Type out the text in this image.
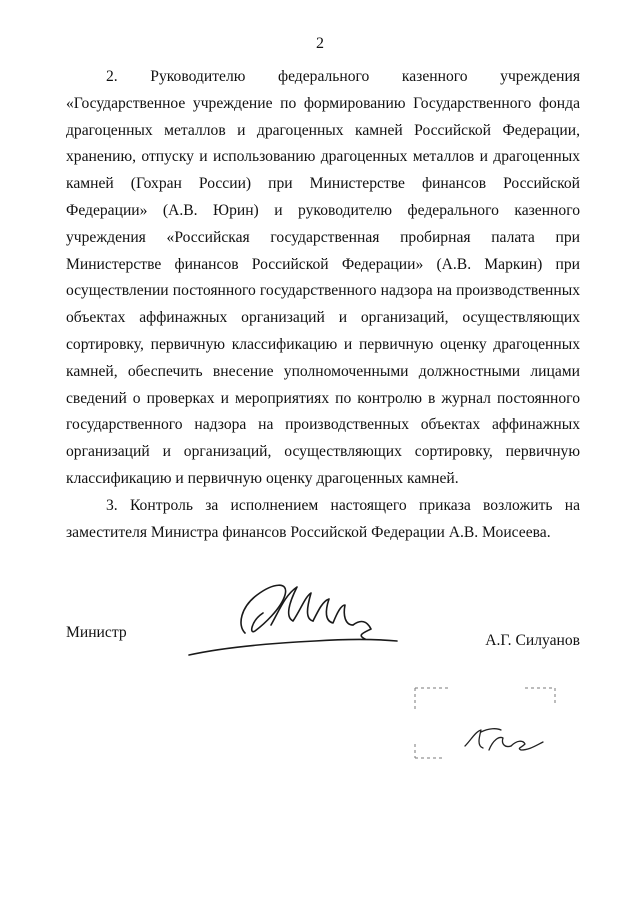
2

2. Руководителю федерального казенного учреждения «Государственное учреждение по формированию Государственного фонда драгоценных металлов и драгоценных камней Российской Федерации, хранению, отпуску и использованию драгоценных металлов и драгоценных камней (Гохран России) при Министерстве финансов Российской Федерации» (А.В. Юрин) и руководителю федерального казенного учреждения «Российская государственная пробирная палата при Министерстве финансов Российской Федерации» (А.В. Маркин) при осуществлении постоянного государственного надзора на производственных объектах аффинажных организаций и организаций, осуществляющих сортировку, первичную классификацию и первичную оценку драгоценных камней, обеспечить внесение уполномоченными должностными лицами сведений о проверках и мероприятиях по контролю в журнал постоянного государственного надзора на производственных объектах аффинажных организаций и организаций, осуществляющих сортировку, первичную классификацию и первичную оценку драгоценных камней.

3. Контроль за исполнением настоящего приказа возложить на заместителя Министра финансов Российской Федерации А.В. Моисеева.

Министр	А.Г. Силуанов
